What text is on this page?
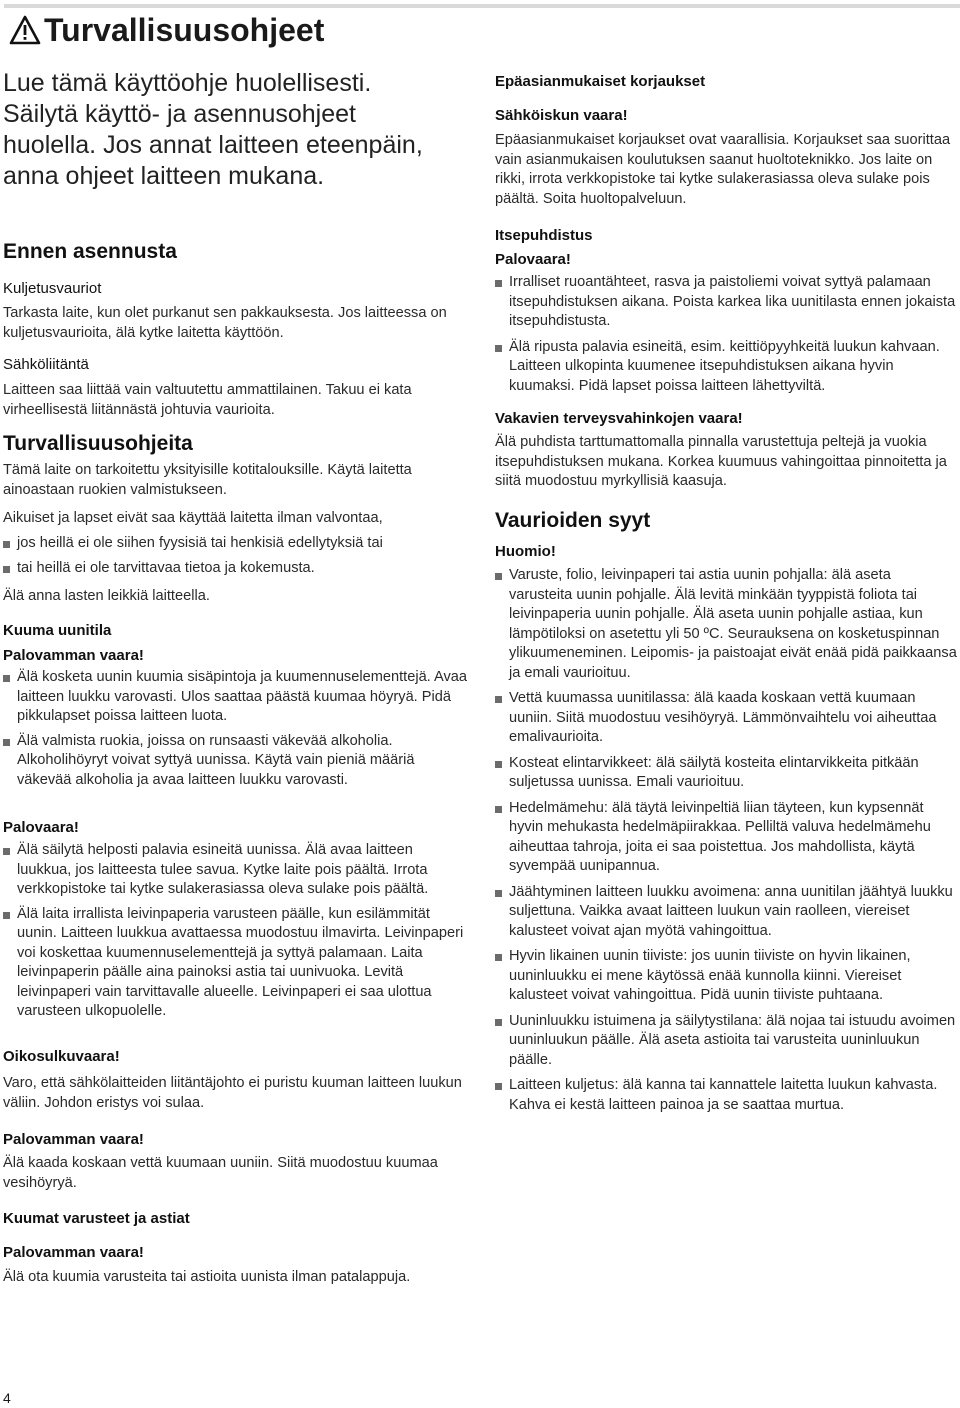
Turvallisuusohjeet
Lue tämä käyttöohje huolellisesti. Säilytä käyttö- ja asennusohjeet huolella. Jos annat laitteen eteenpäin, anna ohjeet laitteen mukana.
Ennen asennusta
Kuljetusvauriot

Tarkasta laite, kun olet purkanut sen pakkauksesta. Jos laitteessa on kuljetusvaurioita, älä kytke laitetta käyttöön.

Sähköliitäntä

Laitteen saa liittää vain valtuutettu ammattilainen. Takuu ei kata virheellisestä liitännästä johtuvia vaurioita.

Turvallisuusohjeita

Tämä laite on tarkoitettu yksityisille kotitalouksille. Käytä laitetta ainoastaan ruokien valmistukseen.

Aikuiset ja lapset eivät saa käyttää laitetta ilman valvontaa,

jos heillä ei ole siihen fyysisiä tai henkisiä edellytyksiä tai
tai heillä ei ole tarvittavaa tietoa ja kokemusta.

Älä anna lasten leikkiä laitteella.

Kuuma uunitila
Palovamman vaara!
Älä kosketa uunin kuumia sisäpintoja ja kuumennuselementtejä. Avaa laitteen luukku varovasti. Ulos saattaa päästä kuumaa höyryä. Pidä pikkulapset poissa laitteen luota.
Älä valmista ruokia, joissa on runsaasti väkevää alkoholia. Alkoholihöyryt voivat syttyä uunissa. Käytä vain pieniä määriä väkevää alkoholia ja avaa laitteen luukku varovasti.
Palovaara!
Älä säilytä helposti palavia esineitä uunissa. Älä avaa laitteen luukkua, jos laitteesta tulee savua. Kytke laite pois päältä. Irrota verkkopistoke tai kytke sulakerasiassa oleva sulake pois päältä.
Älä laita irrallista leivinpaperia varusteen päälle, kun esilämmität uunin. Laitteen luukkua avattaessa muodostuu ilmavirta. Leivinpaperi voi koskettaa kuumennuselementtejä ja syttyä palamaan. Laita leivinpaperin päälle aina painoksi astia tai uunivuoka. Levitä leivinpaperi vain tarvittavalle alueelle. Leivinpaperi ei saa ulottua varusteen ulkopuolelle.
Oikosulkuvaara!

Varo, että sähkölaitteiden liitäntäjohto ei puristu kuuman laitteen luukun väliin. Johdon eristys voi sulaa.

Palovamman vaara!

Älä kaada koskaan vettä kuumaan uuniin. Siitä muodostuu kuumaa vesihöyryä.

Kuumat varusteet ja astiat
Palovamman vaara!

Älä ota kuumia varusteita tai astioita uunista ilman patalappuja.

Epäasianmukaiset korjaukset
Sähköiskun vaara!

Epäasianmukaiset korjaukset ovat vaarallisia. Korjaukset saa suorittaa vain asianmukaisen koulutuksen saanut huoltoteknikko. Jos laite on rikki, irrota verkkopistoke tai kytke sulakerasiassa oleva sulake pois päältä. Soita huoltopalveluun.

Itsepuhdistus
Palovaara!
Irralliset ruoantähteet, rasva ja paistoliemi voivat syttyä palamaan itsepuhdistuksen aikana. Poista karkea lika uunitilasta ennen jokaista itsepuhdistusta.
Älä ripusta palavia esineitä, esim. keittiöpyyhkeitä luukun kahvaan. Laitteen ulkopinta kuumenee itsepuhdistuksen aikana hyvin kuumaksi. Pidä lapset poissa laitteen lähettyviltä.
Vakavien terveysvahinkojen vaara!

Älä puhdista tarttumattomalla pinnalla varustettuja peltejä ja vuokia itsepuhdistuksen mukana. Korkea kuumuus vahingoittaa pinnoitetta ja siitä muodostuu myrkyllisiä kaasuja.

Vaurioiden syyt
Huomio!
Varuste, folio, leivinpaperi tai astia uunin pohjalla: älä aseta varusteita uunin pohjalle. Älä levitä minkään tyyppistä foliota tai leivinpaperia uunin pohjalle. Älä aseta uunin pohjalle astiaa, kun lämpötiloksi on asetettu yli 50 ºC. Seurauksena on kosketuspinnan ylikuumeneminen. Leipomis- ja paistoajat eivät enää pidä paikkaansa ja emali vaurioituu.
Vettä kuumassa uunitilassa: älä kaada koskaan vettä kuumaan uuniin. Siitä muodostuu vesihöyryä. Lämmönvaihtelu voi aiheuttaa emalivaurioita.
Kosteat elintarvikkeet: älä säilytä kosteita elintarvikkeita pitkään suljetussa uunissa. Emali vaurioituu.
Hedelmämehu: älä täytä leivinpeltiä liian täyteen, kun kypsennät hyvin mehukasta hedelmäpiirakkaa. Pelliltä valuva hedelmämehu aiheuttaa tahroja, joita ei saa poistettua. Jos mahdollista, käytä syvempää uunipannua.
Jäähtyminen laitteen luukku avoimena: anna uunitilan jäähtyä luukku suljettuna. Vaikka avaat laitteen luukun vain raolleen, viereiset kalusteet voivat ajan myötä vahingoittua.
Hyvin likainen uunin tiiviste: jos uunin tiiviste on hyvin likainen, uuninluukku ei mene käytössä enää kunnolla kiinni. Viereiset kalusteet voivat vahingoittua. Pidä uunin tiiviste puhtaana.
Uuninluukku istuimena ja säilytystilana: älä nojaa tai istuudu avoimen uuninluukun päälle. Älä aseta astioita tai varusteita uuninluukun päälle.
Laitteen kuljetus: älä kanna tai kannattele laitetta luukun kahvasta. Kahva ei kestä laitteen painoa ja se saattaa murtua.
4
